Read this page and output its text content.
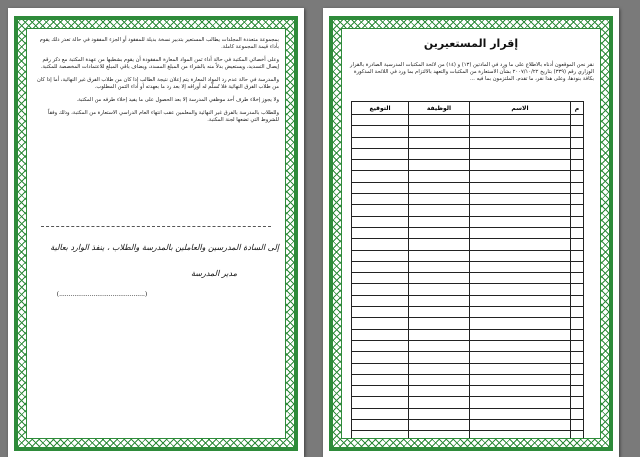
بمجموعة متعددة المجلدات يطالب المستعير بتدبير نسخة بديلة للمفقود أو الجزء المفقود في حالة تعذر ذلك يقوم بأداء قيمة المجموعة كاملة.

وعلى أخصائي المكتبة في حالة أداء ثمن المواد المعارة المفقودة أن يقوم بشطبها من عهدة المكتبة مع ذكر رقم إيصال التسديد، ويستعيض بدلاً منه بالشراء من المبلغ المسدد، ويضاف باقي المبلغ للاعتمادات المخصصة للمكتبة.

والمدرسة في حالة عدم رد المواد المعارة يتم إعلان نتيجة الطالب إذا كان من طلاب الفرق غير النهائية، أما إذا كان من طلاب الفرق النهائية فلا تُسلَّم له أوراقه إلا بعد رد ما بعهدته أو أداء الثمن المطلوب.

ولا يجوز إخلاء طرف أحد موظفي المدرسة إلا بعد الحصول على ما يفيد إخلاء طرفه من المكتبة.

وللطلاب بالمدرسة بالفرق غير النهائية والمعلمين عقب انتهاء العام الدراسي الاستعارة من المكتبة، وذلك وفقاً للشروط التي تضعها لجنة المكتبة.

إلى السادة المدرسين والعاملين بالمدرسة والطلاب ، ينفذ الوارد بعالية
مدير المدرسة
(.............................................)
إقرار المستعيرين

نقر نحن الموقعون أدناه بالاطلاع على ما ورد في المادتين (١٣) و (١٤) من لائحة المكتبات المدرسية الصادرة بالقرار الوزاري رقم (٣٣٩) بتاريخ ٢٠٠٧/١٠/٢٢ بشأن الاستعارة من المكتبات والتعهد بالالتزام بما ورد في اللائحة المذكورة بكافة بنودها، وعلى هذا نقر، ما تقدم. الملتزمون بما فيه ...

م	الاسم	الوظيفة	التوقيع
